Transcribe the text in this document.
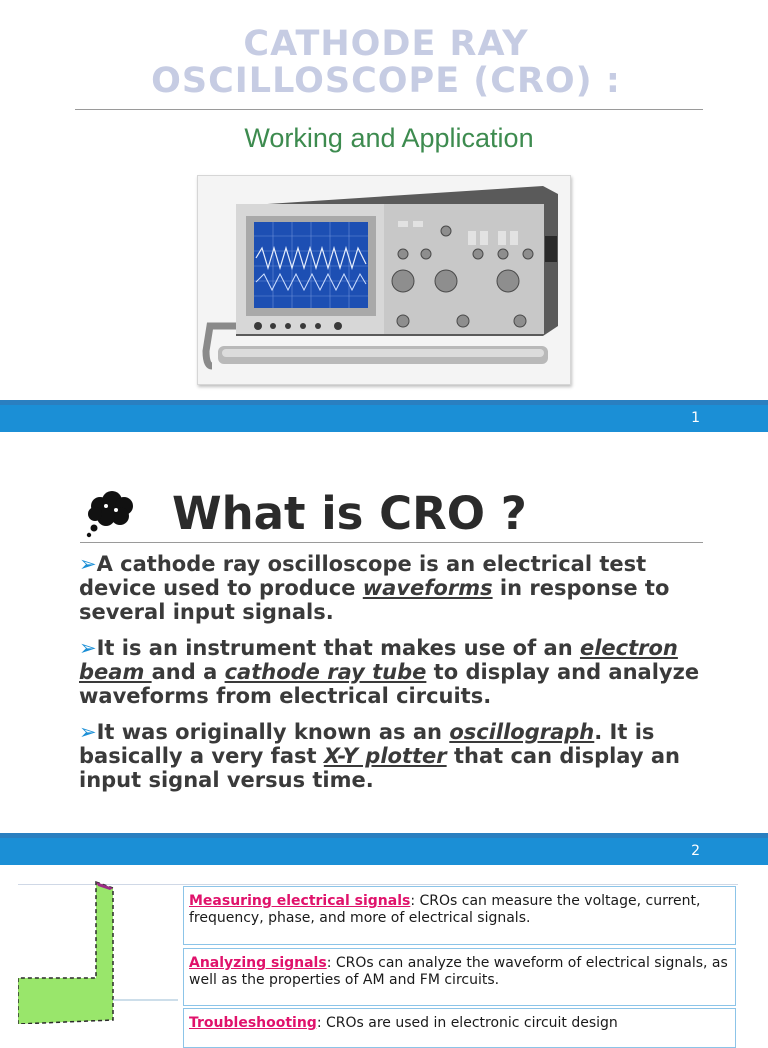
CATHODE RAY
OSCILLOSCOPE (CRO) :
Working and Application
1
What is CRO ?
➢A cathode ray oscilloscope is an electrical test device used to produce waveforms in response to several input signals.
➢It is an instrument that makes use of an electron beam and a cathode ray tube to display and analyze waveforms from electrical circuits.
➢It was originally known as an oscillograph. It is basically a very fast X-Y plotter that can display an input signal versus time.
2
Measuring electrical signals: CROs can measure the voltage, current, frequency, phase, and more of electrical signals.
Analyzing signals: CROs can analyze the waveform of electrical signals, as well as the properties of AM and FM circuits.
Troubleshooting: CROs are used in electronic circuit design
